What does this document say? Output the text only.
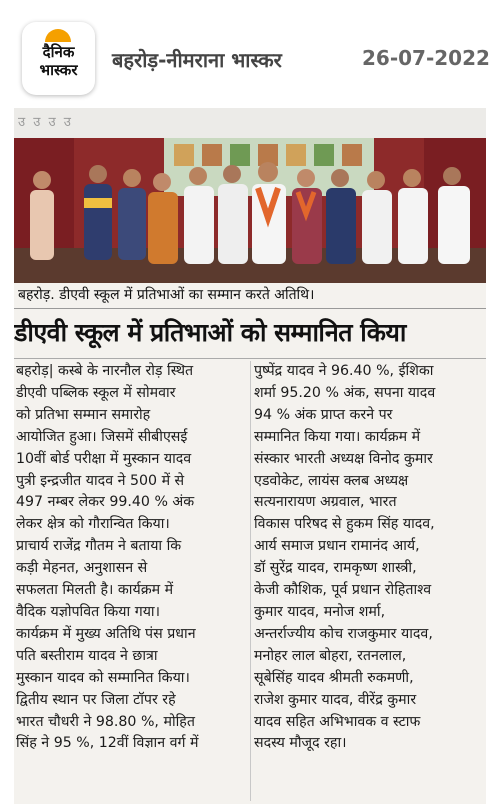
दैनिक
भास्कर	बहरोड़-नीमराना भास्कर	26-07-2022
उ उ उ उ
बहरोड़. डीएवी स्कूल में प्रतिभाओं का सम्मान करते अतिथि।
डीएवी स्कूल में प्रतिभाओं को सम्मानित किया

बहरोड़| कस्बे के नारनौल रोड़ स्थित

डीएवी पब्लिक स्कूल में सोमवार

को प्रतिभा सम्मान समारोह

आयोजित हुआ। जिसमें सीबीएसई

10वीं बोर्ड परीक्षा में मुस्कान यादव

पुत्री इन्द्रजीत यादव ने 500 में से

497 नम्बर लेकर 99.40 % अंक

लेकर क्षेत्र को गौरान्वित किया।

प्राचार्य राजेंद्र गौतम ने बताया कि

कड़ी मेहनत, अनुशासन से

सफलता मिलती है। कार्यक्रम में

वैदिक यज्ञोपवित किया गया।

कार्यक्रम में मुख्य अतिथि पंस प्रधान

पति बस्तीराम यादव ने छात्रा

मुस्कान यादव को सम्मानित किया।

द्वितीय स्थान पर जिला टॉपर रहे

भारत चौधरी ने 98.80 %, मोहित

सिंह ने 95 %, 12वीं विज्ञान वर्ग में

पुष्पेंद्र यादव ने 96.40 %, ईशिका

शर्मा 95.20 % अंक, सपना यादव

94 % अंक प्राप्त करने पर

सम्मानित किया गया। कार्यक्रम में

संस्कार भारती अध्यक्ष विनोद कुमार

एडवोकेट, लायंस क्लब अध्यक्ष

सत्यनारायण अग्रवाल, भारत

विकास परिषद से हुकम सिंह यादव,

आर्य समाज प्रधान रामानंद आर्य,

डॉ सुरेंद्र यादव, रामकृष्ण शास्त्री,

केजी कौशिक, पूर्व प्रधान रोहिताश्व

कुमार यादव, मनोज शर्मा,

अन्तर्राज्यीय कोच राजकुमार यादव,

मनोहर लाल बोहरा, रतनलाल,

सूबेसिंह यादव श्रीमती रुकमणी,

राजेश कुमार यादव, वीरेंद्र कुमार

यादव सहित अभिभावक व स्टाफ

सदस्य मौजूद रहा।
